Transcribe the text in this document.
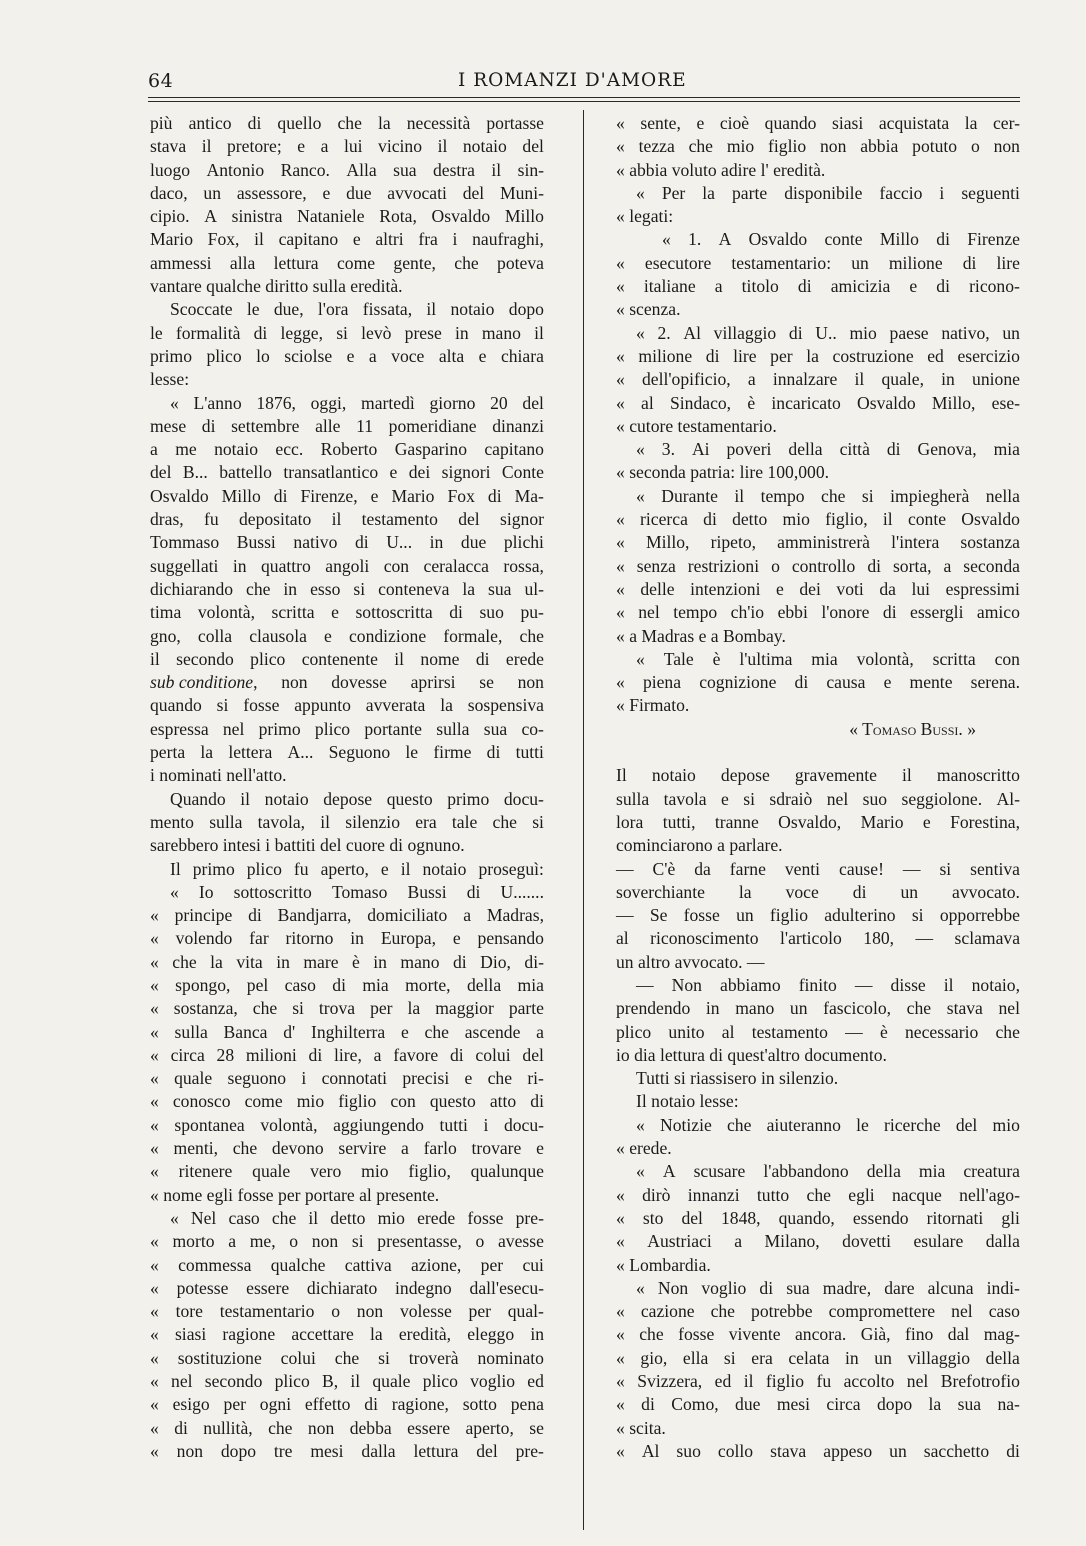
64	I ROMANZI D'AMORE
più antico di quello che la necessità portasse
stava il pretore; e a lui vicino il notaio del
luogo Antonio Ranco. Alla sua destra il sin-
daco, un assessore, e due avvocati del Muni-
cipio. A sinistra Nataniele Rota, Osvaldo Millo
Mario Fox, il capitano e altri fra i naufraghi,
ammessi alla lettura come gente, che poteva
vantare qualche diritto sulla eredità.
Scoccate le due, l'ora fissata, il notaio dopo
le formalità di legge, si levò prese in mano il
primo plico lo sciolse e a voce alta e chiara
lesse:
« L'anno 1876, oggi, martedì giorno 20 del
mese di settembre alle 11 pomeridiane dinanzi
a me notaio ecc. Roberto Gasparino capitano
del B... battello transatlantico e dei signori Conte
Osvaldo Millo di Firenze, e Mario Fox di Ma-
dras, fu depositato il testamento del signor
Tommaso Bussi nativo di U... in due plichi
suggellati in quattro angoli con ceralacca rossa,
dichiarando che in esso si conteneva la sua ul-
tima volontà, scritta e sottoscritta di suo pu-
gno, colla clausola e condizione formale, che
il secondo plico contenente il nome di erede
sub conditione, non dovesse aprirsi se non
quando si fosse appunto avverata la sospensiva
espressa nel primo plico portante sulla sua co-
perta la lettera A... Seguono le firme di tutti
i nominati nell'atto.
Quando il notaio depose questo primo docu-
mento sulla tavola, il silenzio era tale che si
sarebbero intesi i battiti del cuore di ognuno.
Il primo plico fu aperto, e il notaio proseguì:
« Io sottoscritto Tomaso Bussi di U.......
« principe di Bandjarra, domiciliato a Madras,
« volendo far ritorno in Europa, e pensando
« che la vita in mare è in mano di Dio, di-
« spongo, pel caso di mia morte, della mia
« sostanza, che si trova per la maggior parte
« sulla Banca d' Inghilterra e che ascende a
« circa 28 milioni di lire, a favore di colui del
« quale seguono i connotati precisi e che ri-
« conosco come mio figlio con questo atto di
« spontanea volontà, aggiungendo tutti i docu-
« menti, che devono servire a farlo trovare e
« ritenere quale vero mio figlio, qualunque
« nome egli fosse per portare al presente.
« Nel caso che il detto mio erede fosse pre-
« morto a me, o non si presentasse, o avesse
« commessa qualche cattiva azione, per cui
« potesse essere dichiarato indegno dall'esecu-
« tore testamentario o non volesse per qual-
« siasi ragione accettare la eredità, eleggo in
« sostituzione colui che si troverà nominato
« nel secondo plico B, il quale plico voglio ed
« esigo per ogni effetto di ragione, sotto pena
« di nullità, che non debba essere aperto, se
« non dopo tre mesi dalla lettura del pre-
« sente, e cioè quando siasi acquistata la cer-
« tezza che mio figlio non abbia potuto o non
« abbia voluto adire l' eredità.
« Per la parte disponibile faccio i seguenti
« legati:
« 1. A Osvaldo conte Millo di Firenze
« esecutore testamentario: un milione di lire
« italiane a titolo di amicizia e di ricono-
« scenza.
« 2. Al villaggio di U.. mio paese nativo, un
« milione di lire per la costruzione ed esercizio
« dell'opificio, a innalzare il quale, in unione
« al Sindaco, è incaricato Osvaldo Millo, ese-
« cutore testamentario.
« 3. Ai poveri della città di Genova, mia
« seconda patria: lire 100,000.
« Durante il tempo che si impiegherà nella
« ricerca di detto mio figlio, il conte Osvaldo
« Millo, ripeto, amministrerà l'intera sostanza
« senza restrizioni o controllo di sorta, a seconda
« delle intenzioni e dei voti da lui espressimi
« nel tempo ch'io ebbi l'onore di essergli amico
« a Madras e a Bombay.
« Tale è l'ultima mia volontà, scritta con
« piena cognizione di causa e mente serena.
« Firmato.
« Tomaso Bussi. »
Il notaio depose gravemente il manoscritto
sulla tavola e si sdraiò nel suo seggiolone. Al-
lora tutti, tranne Osvaldo, Mario e Forestina,
cominciarono a parlare.
— C'è da farne venti cause! — si sentiva
soverchiante la voce di un avvocato.
— Se fosse un figlio adulterino si opporrebbe
al riconoscimento l'articolo 180, — sclamava
un altro avvocato. —
— Non abbiamo finito — disse il notaio,
prendendo in mano un fascicolo, che stava nel
plico unito al testamento — è necessario che
io dia lettura di quest'altro documento.
Tutti si riassisero in silenzio.
Il notaio lesse:
« Notizie che aiuteranno le ricerche del mio
« erede.
« A scusare l'abbandono della mia creatura
« dirò innanzi tutto che egli nacque nell'ago-
« sto del 1848, quando, essendo ritornati gli
« Austriaci a Milano, dovetti esulare dalla
« Lombardia.
« Non voglio di sua madre, dare alcuna indi-
« cazione che potrebbe compromettere nel caso
« che fosse vivente ancora. Già, fino dal mag-
« gio, ella si era celata in un villaggio della
« Svizzera, ed il figlio fu accolto nel Brefotrofio
« di Como, due mesi circa dopo la sua na-
« scita.
« Al suo collo stava appeso un sacchetto di
